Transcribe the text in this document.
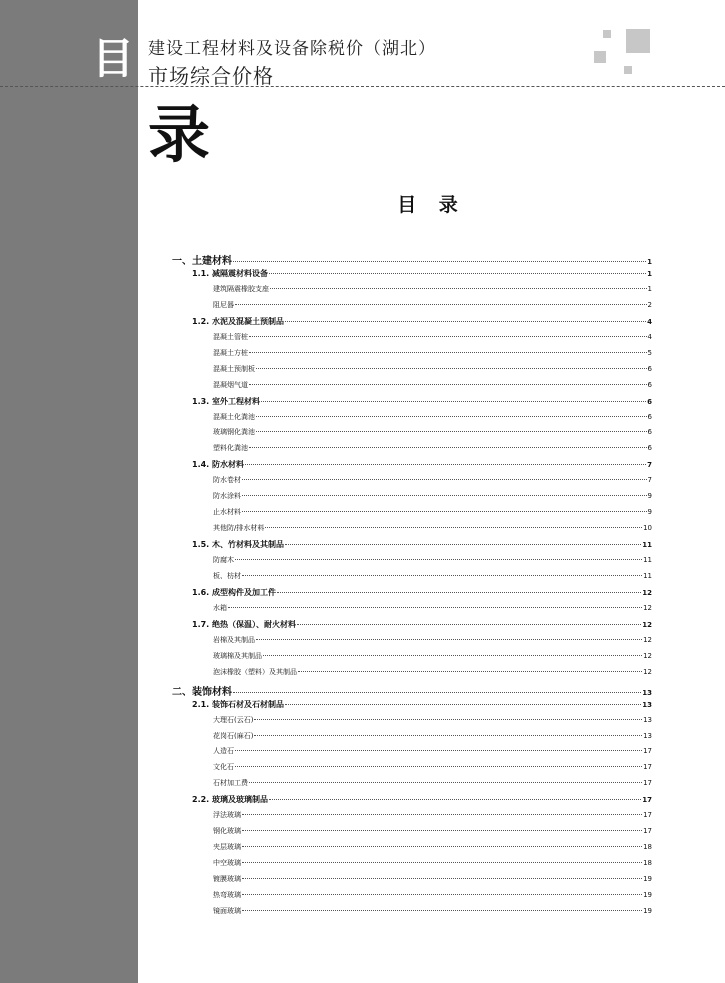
目 建设工程材料及设备除税价（湖北）
市场综合价格
录
目 录
一、土建材料	1
1.1. 减隔震材料设备	1
建筑隔震橡胶支座	1
阻尼器	2
1.2. 水泥及混凝土预制品	4
混凝土管桩	4
混凝土方桩	5
混凝土预制板	6
混凝烟气道	6
1.3. 室外工程材料	6
混凝土化粪池	6
玻璃钢化粪池	6
塑料化粪池	6
1.4. 防水材料	7
防水卷材	7
防水涂料	9
止水材料	9
其他防/排水材料	10
1.5. 木、竹材料及其制品	11
防腐木	11
板、枋材	11
1.6. 成型构件及加工件	12
水箱	12
1.7. 绝热（保温）、耐火材料	12
岩棉及其制品	12
玻璃棉及其制品	12
泡沫橡胶（塑料）及其制品	12
二、装饰材料	13
2.1. 装饰石材及石材制品	13
大理石(云石)	13
花岗石(麻石)	13
人造石	17
文化石	17
石材加工费	17
2.2. 玻璃及玻璃制品	17
浮法玻璃	17
钢化玻璃	17
夹层玻璃	18
中空玻璃	18
镀膜玻璃	19
热弯玻璃	19
镜面玻璃	19
